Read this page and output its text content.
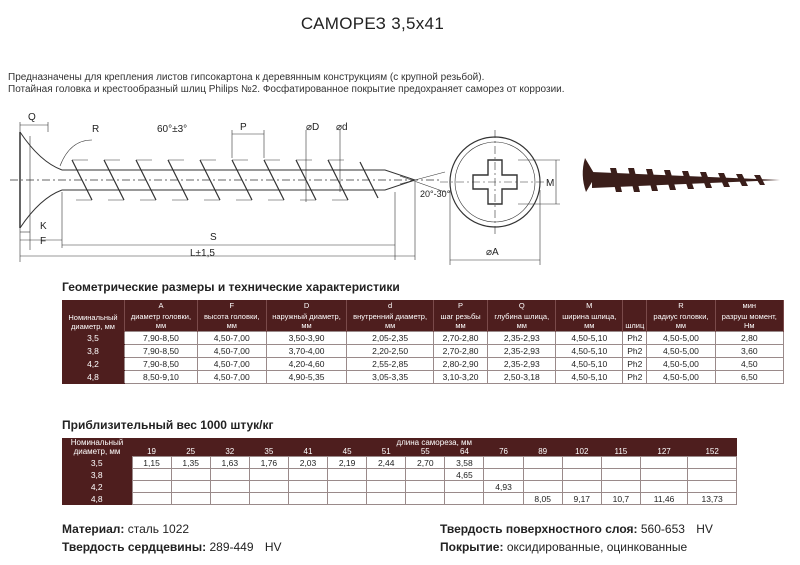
САМОРЕЗ 3,5х41
Предназначены для крепления листов гипсокартона к деревянным конструкциям (с крупной резьбой).
Потайная головка и крестообразный шлиц Philips №2. Фосфатированное покрытие предохраняет саморез от коррозии.
Q
R	60°±3°	P	⌀D ⌀d
20°-30°
S
L±1,5
K
F
M
⌀A
Геометрические размеры и технические характеристики
	A	F	D	d	P	Q	M		R	мин
Номинальный диаметр, мм	диаметр головки, мм	высота головки, мм	наружный диаметр, мм	внутренний диаметр, мм	шаг резьбы мм	глубина шлица, мм	ширина шлица, мм	шлиц	радиус головки, мм	разруш момент, Нм
3,5	7,90-8,50	4,50-7,00	3,50-3,90	2,05-2,35	2,70-2,80	2,35-2,93	4,50-5,10	Ph2	4,50-5,00	2,80
3,8	7,90-8,50	4,50-7,00	3,70-4,00	2,20-2,50	2,70-2,80	2,35-2,93	4,50-5,10	Ph2	4,50-5,00	3,60
4,2	7,90-8,50	4,50-7,00	4,20-4,60	2,55-2,85	2,80-2,90	2,35-2,93	4,50-5,10	Ph2	4,50-5,00	4,50
4,8	8,50-9,10	4,50-7,00	4,90-5,35	3,05-3,35	3,10-3,20	2,50-3,18	4,50-5,10	Ph2	4,50-5,00	6,50
Приблизительный вес 1000 штук/кг
Номинальный диаметр, мм	длина самореза, мм														
	19	25	32	35	41	45	51	55	64	76	89	102	115	127	152
3,5	1,15	1,35	1,63	1,76	2,03	2,19	2,44	2,70	3,58						
3,8									4,65						
4,2										4,93					
4,8											8,05	9,17	10,7	11,46	13,73
Материал: сталь 1022
Твердость сердцевины: 289-449 HV
Твердость поверхностного слоя: 560-653 HV
Покрытие: оксидированные, оцинкованные
